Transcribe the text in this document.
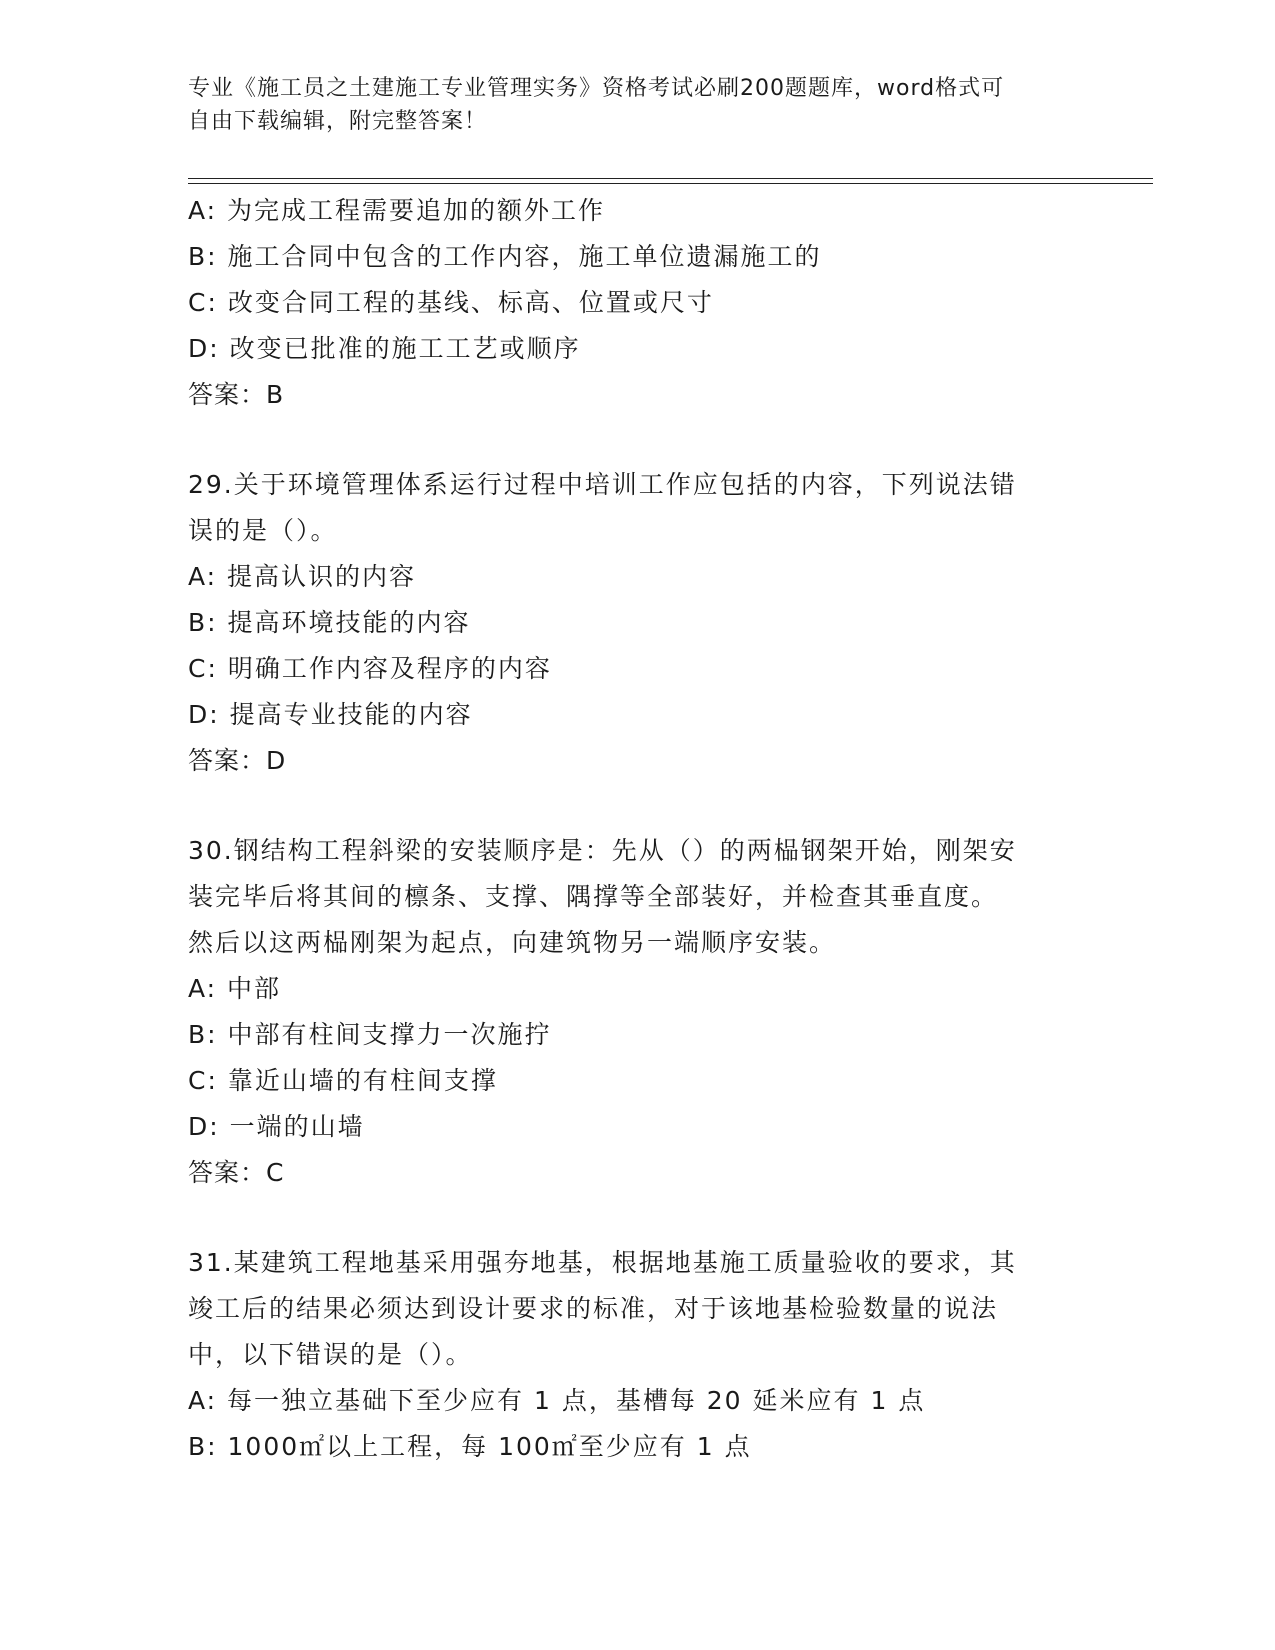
专业《施工员之土建施工专业管理实务》资格考试必刷200题题库，word格式可
自由下载编辑，附完整答案！
A: 为完成工程需要追加的额外工作
B: 施工合同中包含的工作内容，施工单位遗漏施工的
C: 改变合同工程的基线、标高、位置或尺寸
D: 改变已批准的施工工艺或顺序
答案：B
29.关于环境管理体系运行过程中培训工作应包括的内容，下列说法错
误的是（）。
A: 提高认识的内容
B: 提高环境技能的内容
C: 明确工作内容及程序的内容
D: 提高专业技能的内容
答案：D
30.钢结构工程斜梁的安装顺序是：先从（）的两榀钢架开始，刚架安
装完毕后将其间的檩条、支撑、隅撑等全部装好，并检查其垂直度。
然后以这两榀刚架为起点，向建筑物另一端顺序安装。
A: 中部
B: 中部有柱间支撑力一次施拧
C: 靠近山墙的有柱间支撑
D: 一端的山墙
答案：C
31.某建筑工程地基采用强夯地基，根据地基施工质量验收的要求，其
竣工后的结果必须达到设计要求的标准，对于该地基检验数量的说法
中，以下错误的是（）。
A: 每一独立基础下至少应有 1 点，基槽每 20 延米应有 1 点
B: 1000㎡以上工程，每 100㎡至少应有 1 点
